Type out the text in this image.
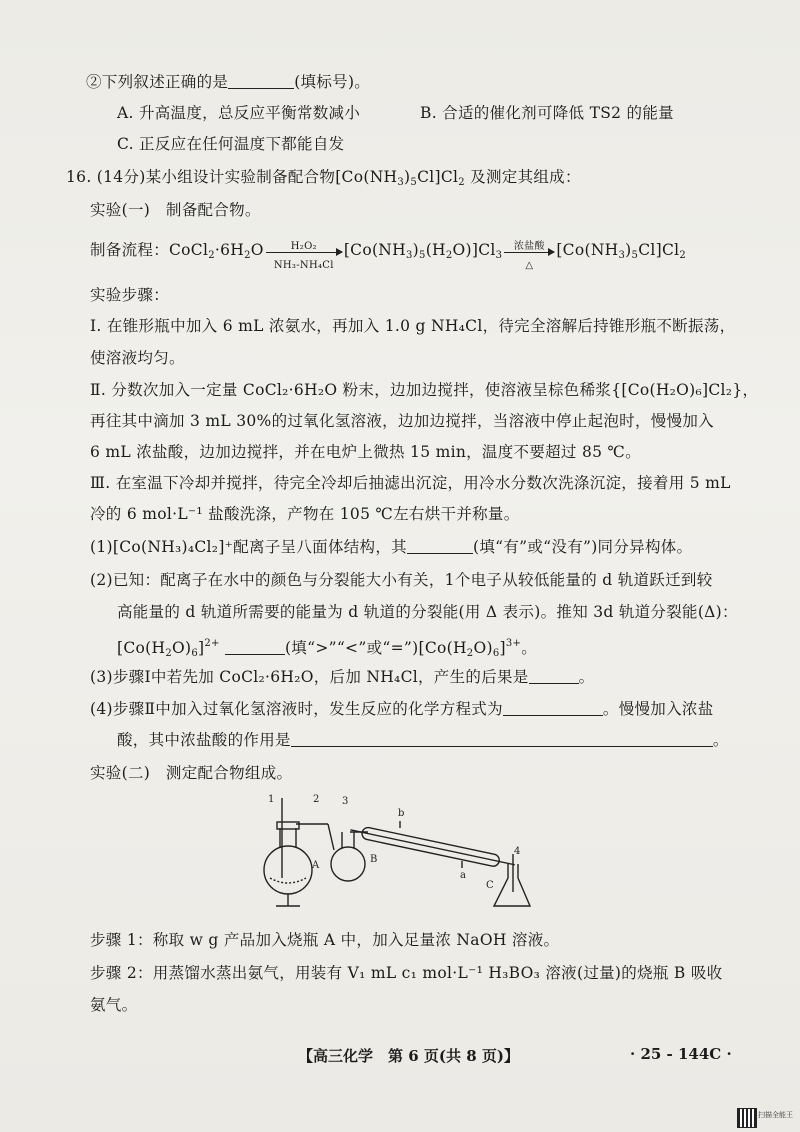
②下列叙述正确的是	(填标号)。
A. 升高温度，总反应平衡常数减小	B. 合适的催化剂可降低 TS2 的能量
C. 正反应在任何温度下都能自发
16. (14分)某小组设计实验制备配合物$[Co(NH_3)_5Cl]Cl_2$ 及测定其组成：
实验(一)　制备配合物。
制备流程：$CoCl_2\cdot 6H_2O \frac{\text{H₂O₂}}{\text{NH₃-NH₄Cl}} [Co(NH_3)_5(H_2O)]Cl_3$
浓盐酸
△
$[Co(NH_3)_5Cl]Cl_2$
实验步骤：
Ⅰ. 在锥形瓶中加入 6 mL 浓氨水，再加入 1.0 g NH₄Cl，待完全溶解后持锥形瓶不断振荡，
使溶液均匀。
Ⅱ. 分数次加入一定量 CoCl₂·6H₂O 粉末，边加边搅拌，使溶液呈棕色稀浆{[Co(H₂O)₆]Cl₂}，
再往其中滴加 3 mL 30%的过氧化氢溶液，边加边搅拌，当溶液中停止起泡时，慢慢加入
6 mL 浓盐酸，边加边搅拌，并在电炉上微热 15 min，温度不要超过 85 ℃。
Ⅲ. 在室温下冷却并搅拌，待完全冷却后抽滤出沉淀，用冷水分数次洗涤沉淀，接着用 5 mL
冷的 6 mol·L⁻¹ 盐酸洗涤，产物在 105 ℃左右烘干并称量。
(1)[Co(NH₃)₄Cl₂]⁺配离子呈八面体结构，其	(填“有”或“没有”)同分异构体。
(2)已知：配离子在水中的颜色与分裂能大小有关，1个电子从较低能量的 d 轨道跃迁到较
高能量的 d 轨道所需要的能量为 d 轨道的分裂能(用 Δ 表示)。推知 3d 轨道分裂能(Δ)：
$[Co(H_2O)_6]^{2+}$	(填“>”“<”或“$=”)[Co(H_2O)_6]^{3+}$。
(3)步骤Ⅰ中若先加 CoCl₂·6H₂O，后加 NH₄Cl，产生的后果是	。
(4)步骤Ⅱ中加入过氧化氢溶液时，发生反应的化学方程式为	。慢慢加入浓盐
酸，其中浓盐酸的作用是	。
实验(二)　测定配合物组成。
1	2 3
b
a
4
A
B
C
步骤 1：称取 w g 产品加入烧瓶 A 中，加入足量浓 NaOH 溶液。
步骤 2：用蒸馏水蒸出氨气，用装有 V₁ mL c₁ mol·L⁻¹ H₃BO₃ 溶液(过量)的烧瓶 B 吸收
氨气。
【高三化学　第 6 页(共 8 页)】	· 25 - 144C ·
扫描全能王
